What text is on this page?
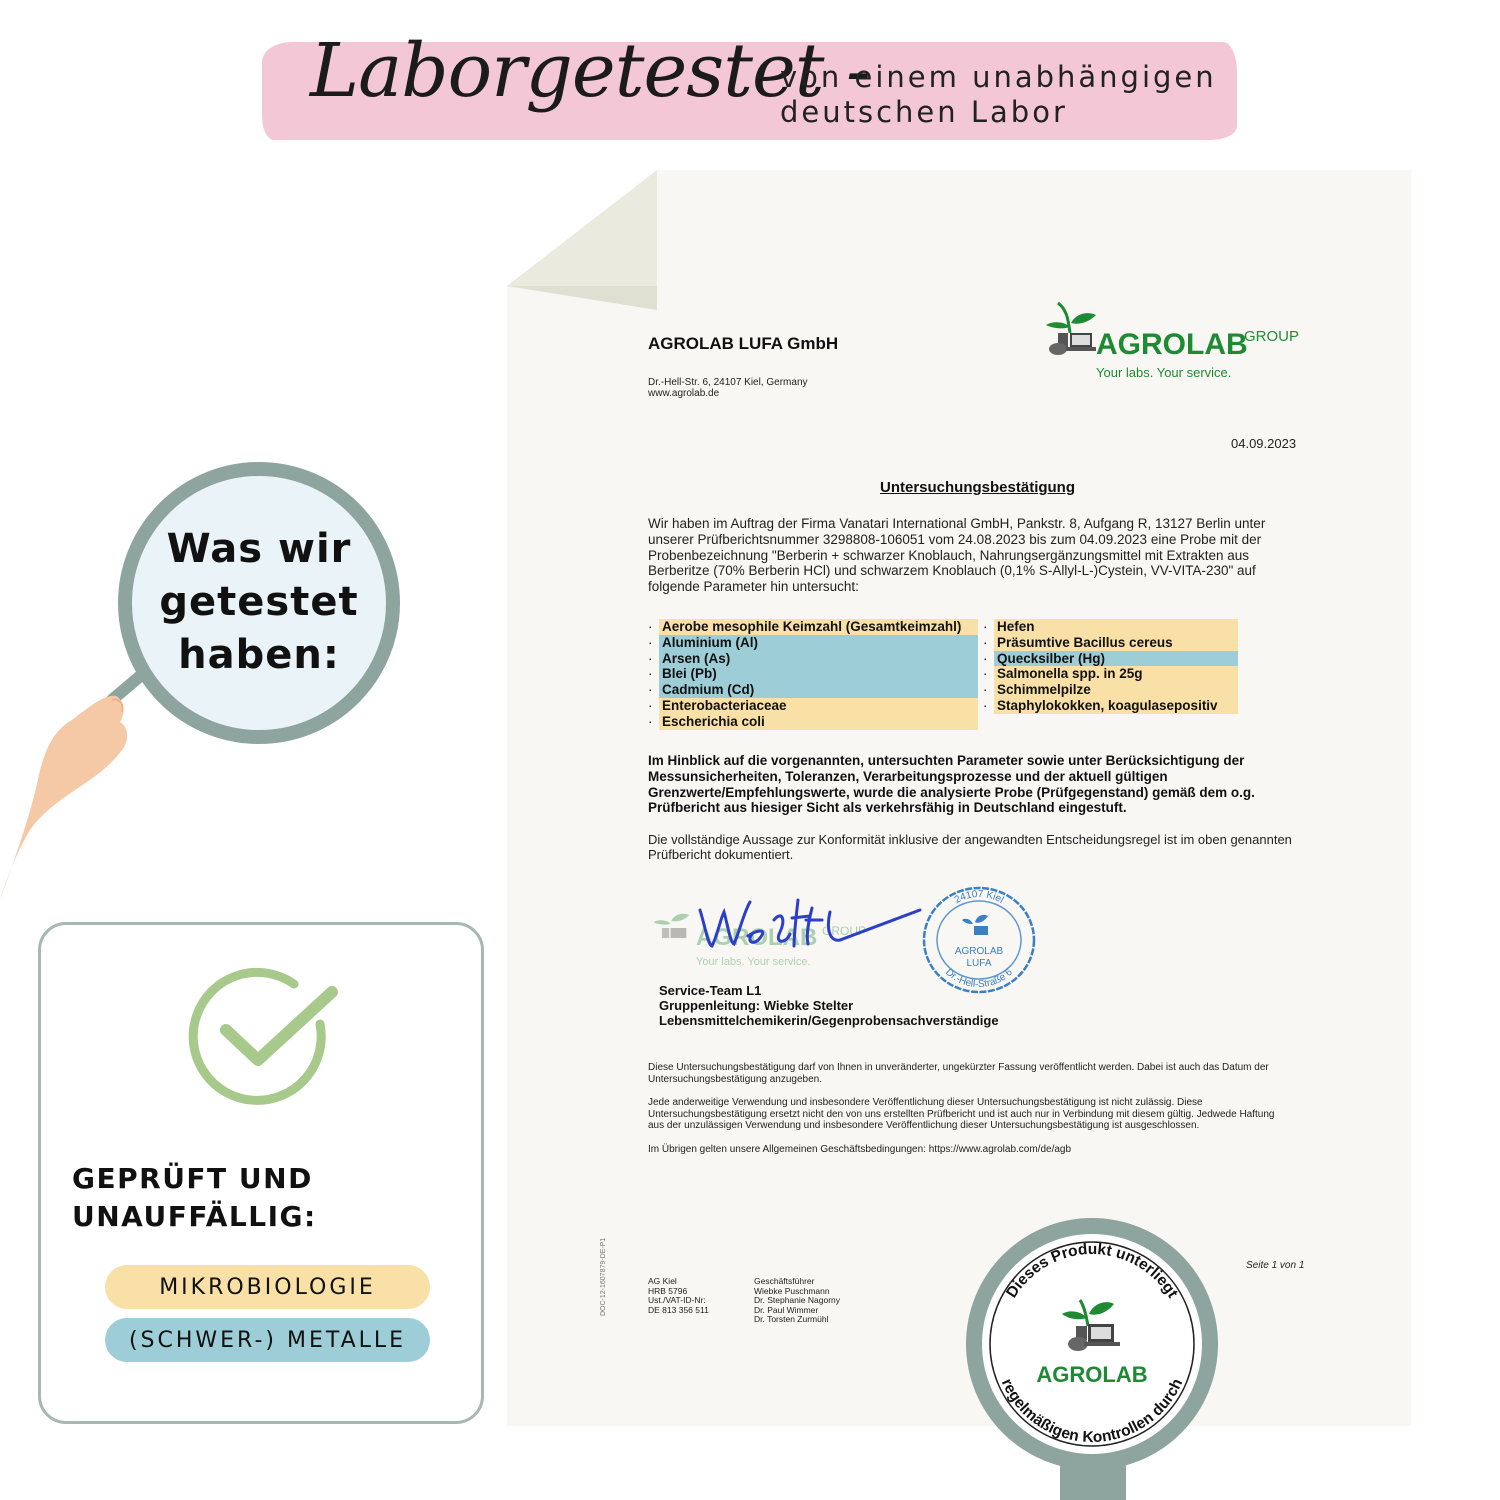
Laborgetestet -
von einem unabhängigen
deutschen Labor
AGROLAB LUFA GmbH
Dr.-Hell-Str. 6, 24107 Kiel, Germany
www.agrolab.de
AGROLAB
GROUP
Your labs. Your service.
04.09.2023
Untersuchungsbestätigung
Wir haben im Auftrag der Firma Vanatari International GmbH, Pankstr. 8, Aufgang R, 13127 Berlin unter
unserer Prüfberichtsnummer 3298808-106051 vom 24.08.2023 bis zum 04.09.2023 eine Probe mit der
Probenbezeichnung "Berberin + schwarzer Knoblauch, Nahrungsergänzungsmittel mit Extrakten aus
Berberitze (70% Berberin HCl) und schwarzem Knoblauch (0,1% S-Allyl-L-)Cystein, VV-VITA-230" auf
folgende Parameter hin untersucht:
· Aerobe mesophile Keimzahl (Gesamtkeimzahl)
· Aluminium (Al)
· Arsen (As)
· Blei (Pb)
· Cadmium (Cd)
· Enterobacteriaceae
· Escherichia coli
· Hefen
· Präsumtive Bacillus cereus
· Quecksilber (Hg)
· Salmonella spp. in 25g
· Schimmelpilze
· Staphylokokken, koagulasepositiv
Im Hinblick auf die vorgenannten, untersuchten Parameter sowie unter Berücksichtigung der
Messunsicherheiten, Toleranzen, Verarbeitungsprozesse und der aktuell gültigen
Grenzwerte/Empfehlungswerte, wurde die analysierte Probe (Prüfgegenstand) gemäß dem o.g.
Prüfbericht aus hiesiger Sicht als verkehrsfähig in Deutschland eingestuft.
Die vollständige Aussage zur Konformität inklusive der angewandten Entscheidungsregel ist im oben genannten
Prüfbericht dokumentiert.
AGROLAB GROUP
Your labs. Your service.
24107 Kiel
Dr.-Hell-Straße 6
AGROLAB
LUFA
Service-Team L1
Gruppenleitung: Wiebke Stelter
Lebensmittelchemikerin/Gegenprobensachverständige
Diese Untersuchungsbestätigung darf von Ihnen in unveränderter, ungekürzter Fassung veröffentlicht werden. Dabei ist auch das Datum der
Untersuchungsbestätigung anzugeben.
Jede anderweitige Verwendung und insbesondere Veröffentlichung dieser Untersuchungsbestätigung ist nicht zulässig. Diese
Untersuchungsbestätigung ersetzt nicht den von uns erstellten Prüfbericht und ist auch nur in Verbindung mit diesem gültig. Jedwede Haftung
aus der unzulässigen Verwendung und insbesondere Veröffentlichung dieser Untersuchungsbestätigung ist ausgeschlossen.
Im Übrigen gelten unsere Allgemeinen Geschäftsbedingungen: https://www.agrolab.com/de/agb
DOC-12-1607879-DE-P1	Seite 1 von 1
AG Kiel
HRB 5796
Ust./VAT-ID-Nr:
DE 813 356 511
Geschäftsführer
Wiebke Puschmann
Dr. Stephanie Nagorny
Dr. Paul Wimmer
Dr. Torsten Zurmühl
Dieses Produkt unterliegt
regelmäßigen Kontrollen durch
AGROLAB
Was wir
getestet
haben:
GEPRÜFT UND
UNAUFFÄLLIG:
MIKROBIOLOGIE
(SCHWER-) METALLE
